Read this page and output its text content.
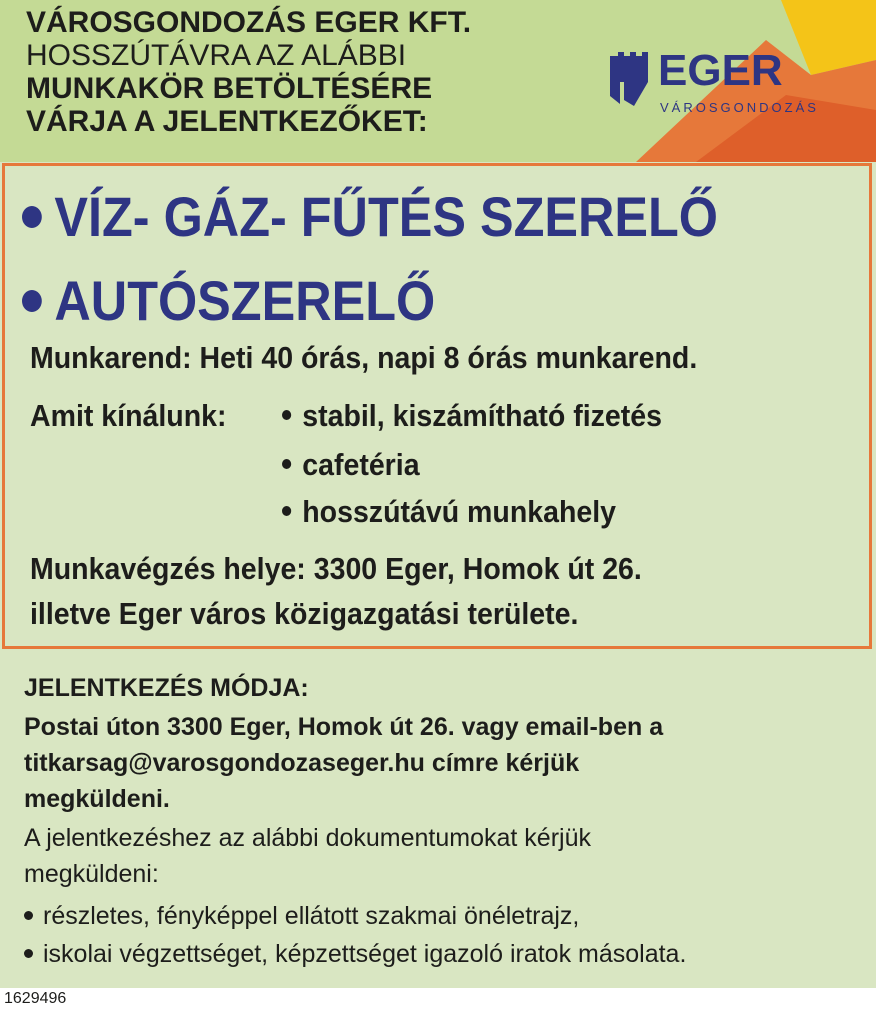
VÁROSGONDOZÁS EGER KFT.
HOSSZÚTÁVRA AZ ALÁBBI
MUNKAKÖR BETÖLTÉSÉRE
VÁRJA A JELENTKEZŐKET:
EGER
VÁROSGONDOZÁS
VÍZ- GÁZ- FŰTÉS SZERELŐ
AUTÓSZERELŐ
Munkarend: Heti 40 órás, napi 8 órás munkarend.
Amit kínálunk:	stabil, kiszámítható fizetés
cafetéria
hosszútávú munkahely
Munkavégzés helye: 3300 Eger, Homok út 26.
illetve Eger város közigazgatási területe.
JELENTKEZÉS MÓDJA:
Postai úton 3300 Eger, Homok út 26. vagy email-ben a
titkarsag@varosgondozaseger.hu címre kérjük
megküldeni.
A jelentkezéshez az alábbi dokumentumokat kérjük
megküldeni:
részletes, fényképpel ellátott szakmai önéletrajz,
iskolai végzettséget, képzettséget igazoló iratok másolata.
1629496
